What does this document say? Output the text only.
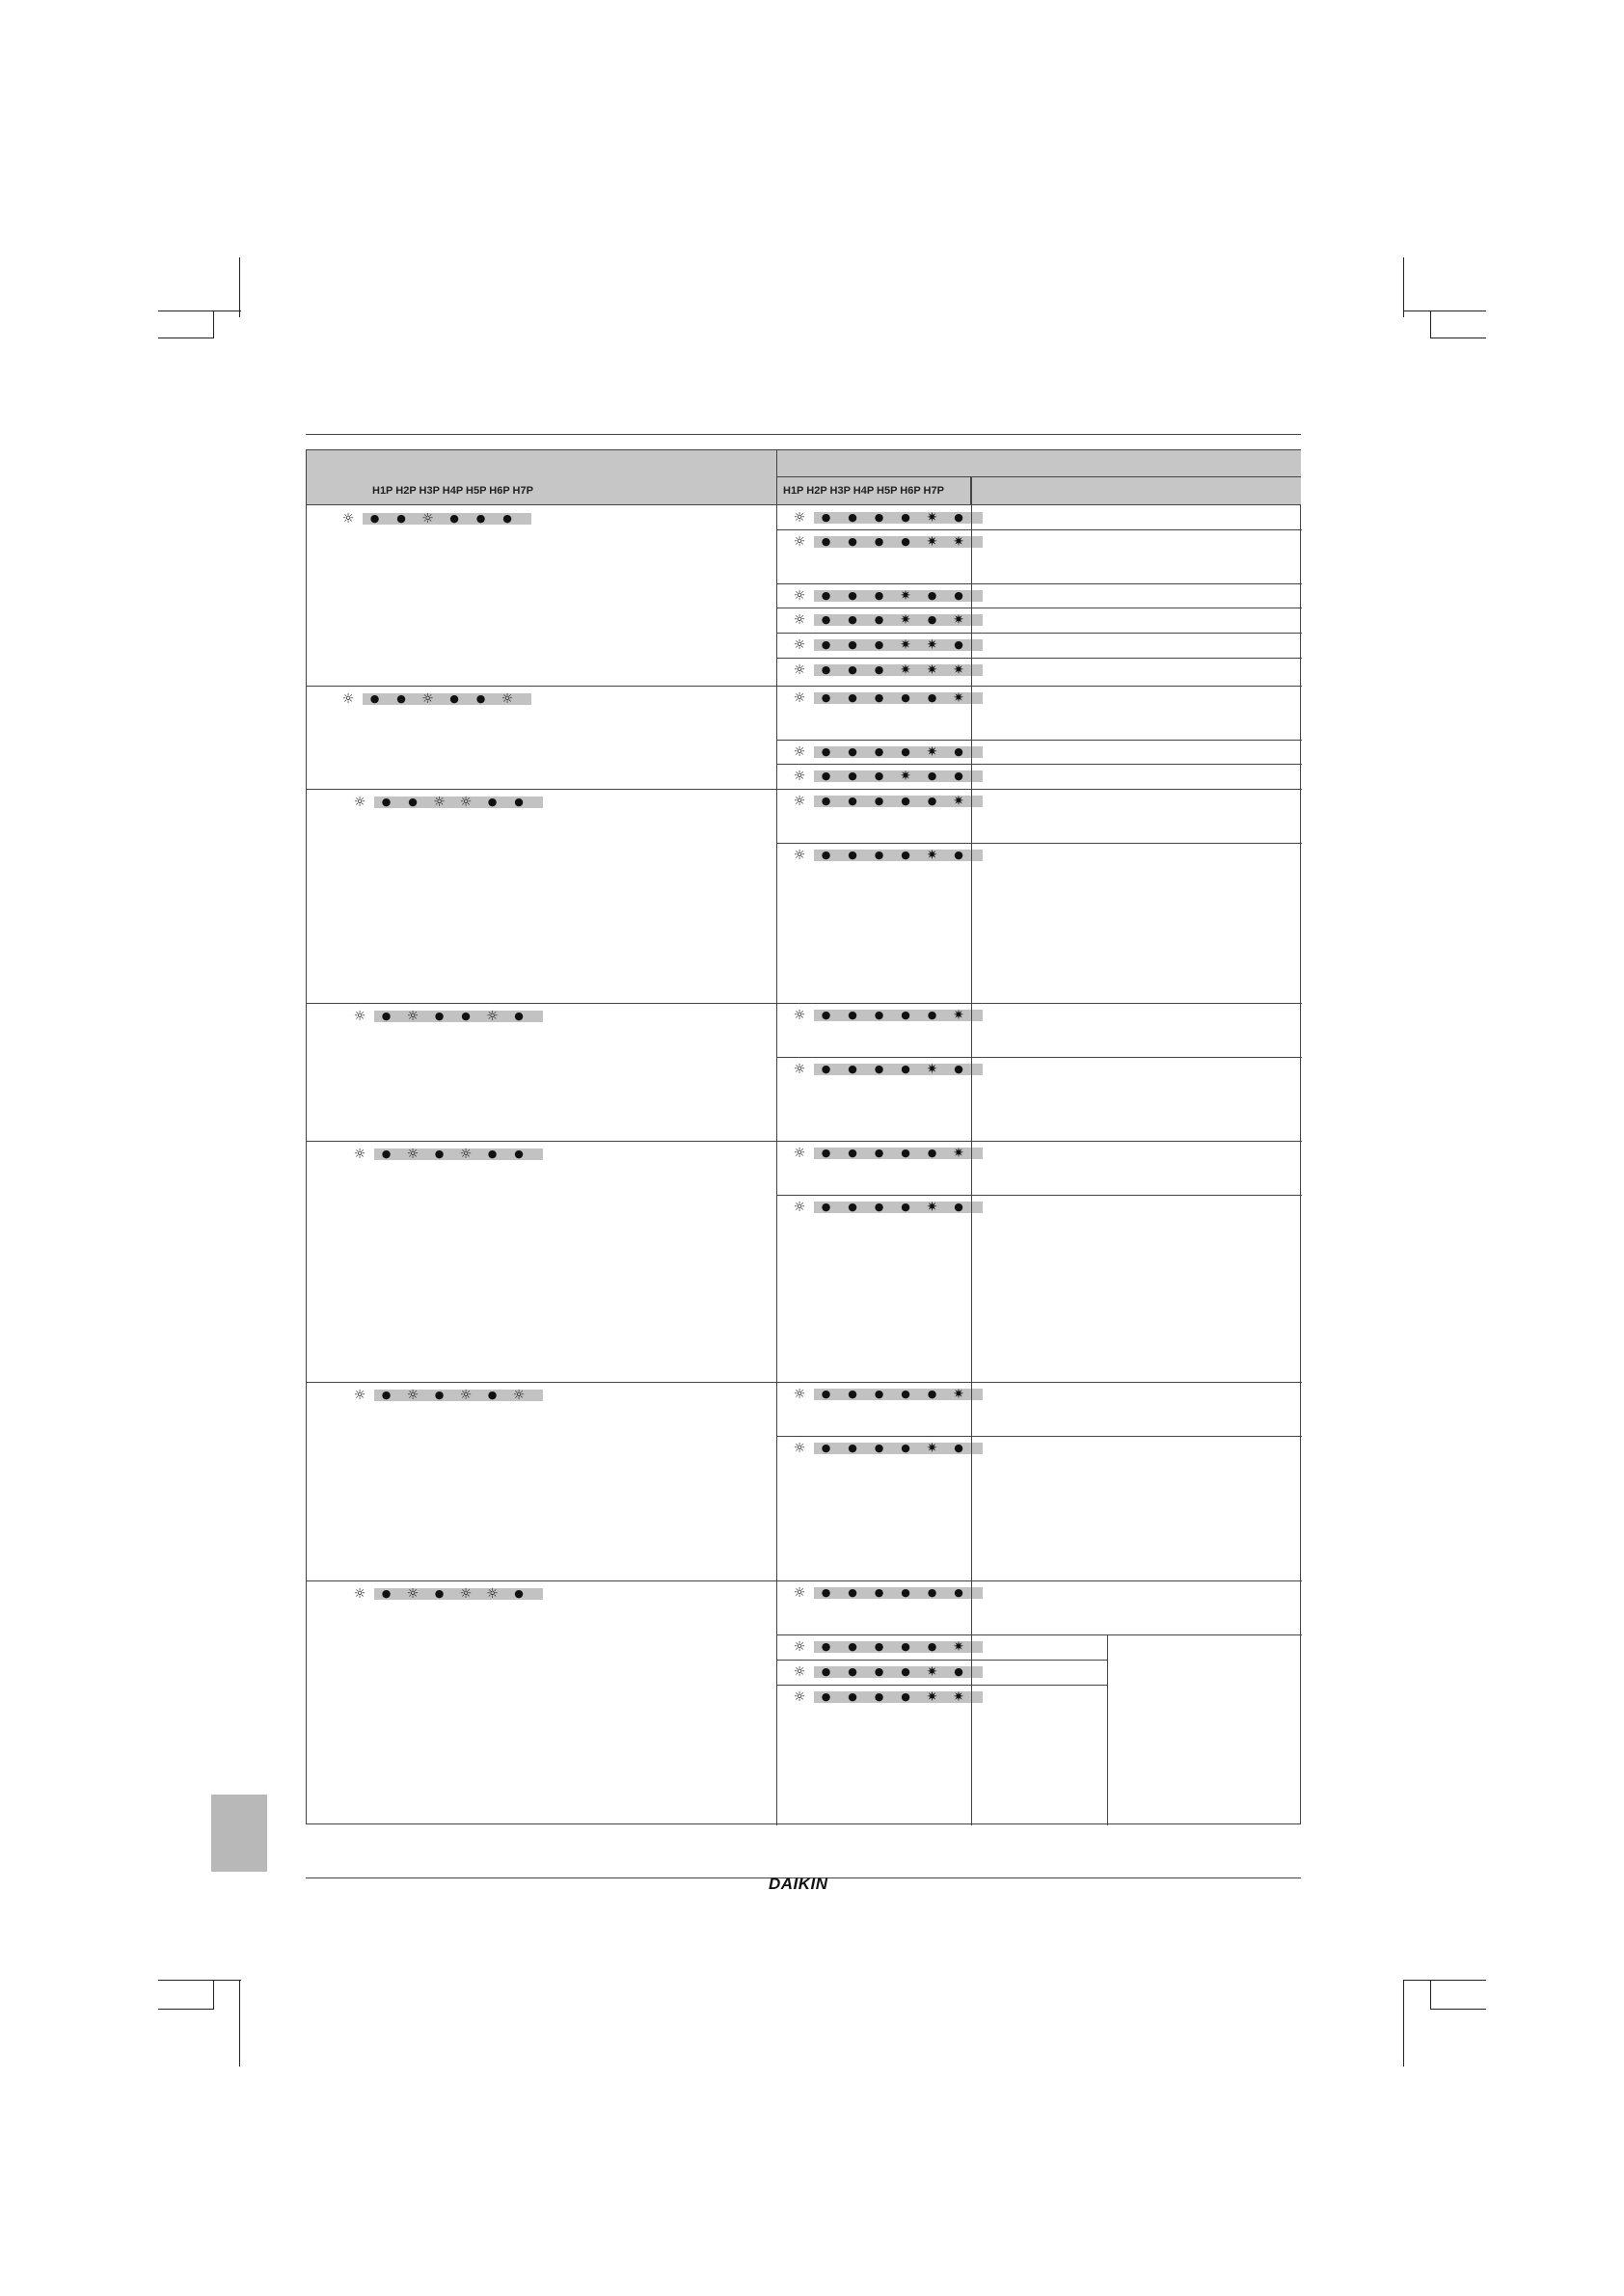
H1P H2P H3P H4P H5P H6P H7P	H1P H2P H3P H4P H5P H6P H7P
☼ ● ● ☼ ● ● ●	☼ ● ● ● ● ✷ ●
☼ ● ● ● ● ✷ ✷
☼ ● ● ● ✷ ● ●
☼ ● ● ● ✷ ● ✷
☼ ● ● ● ✷ ✷ ●
☼ ● ● ● ✷ ✷ ✷
☼ ● ● ☼ ● ● ☼	☼ ● ● ● ● ● ✷
☼ ● ● ● ● ✷ ●
☼ ● ● ● ✷ ● ●
☼ ● ● ☼ ☼ ● ●	☼ ● ● ● ● ● ✷
☼ ● ● ● ● ✷ ●
☼ ● ☼ ● ● ☼ ●	☼ ● ● ● ● ● ✷
☼ ● ● ● ● ✷ ●
☼ ● ☼ ● ☼ ● ●	☼ ● ● ● ● ● ✷
☼ ● ● ● ● ✷ ●
☼ ● ☼ ● ☼ ● ☼	☼ ● ● ● ● ● ✷
☼ ● ● ● ● ✷ ●
☼ ● ☼ ● ☼ ☼ ●	☼ ● ● ● ● ● ●
☼ ● ● ● ● ● ✷
☼ ● ● ● ● ✷ ●
☼ ● ● ● ● ✷ ✷
DAIKIN
